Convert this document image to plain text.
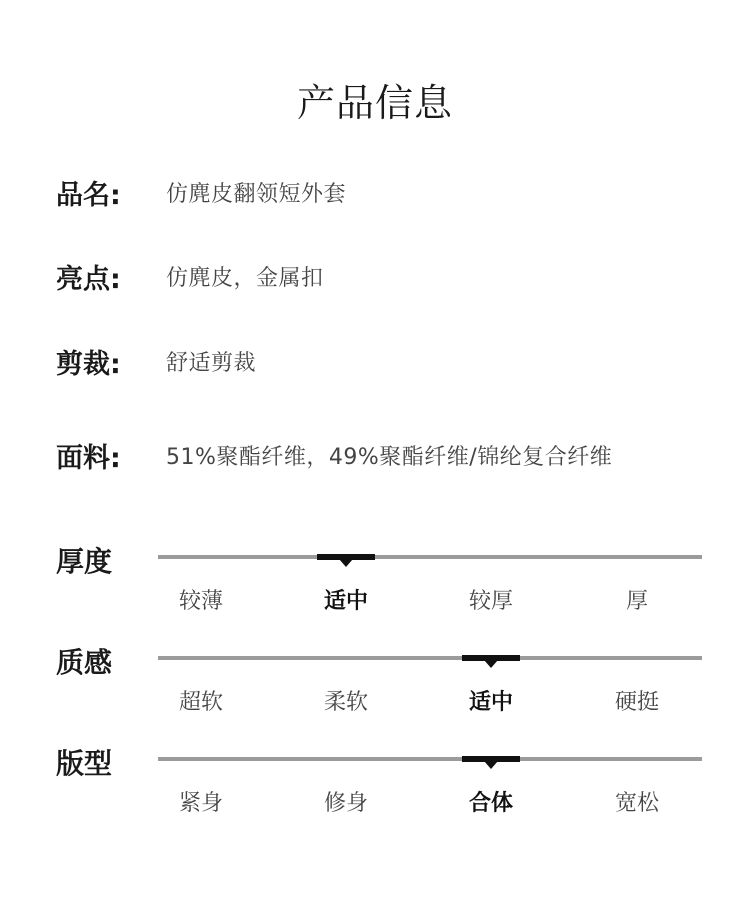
产品信息
品名:	仿麂皮翻领短外套
亮点:	仿麂皮，金属扣
剪裁:	舒适剪裁
面料:	51%聚酯纤维，49%聚酯纤维/锦纶复合纤维
厚度
较薄	适中	较厚	厚
质感
超软	柔软	适中	硬挺
版型
紧身	修身	合体	宽松
